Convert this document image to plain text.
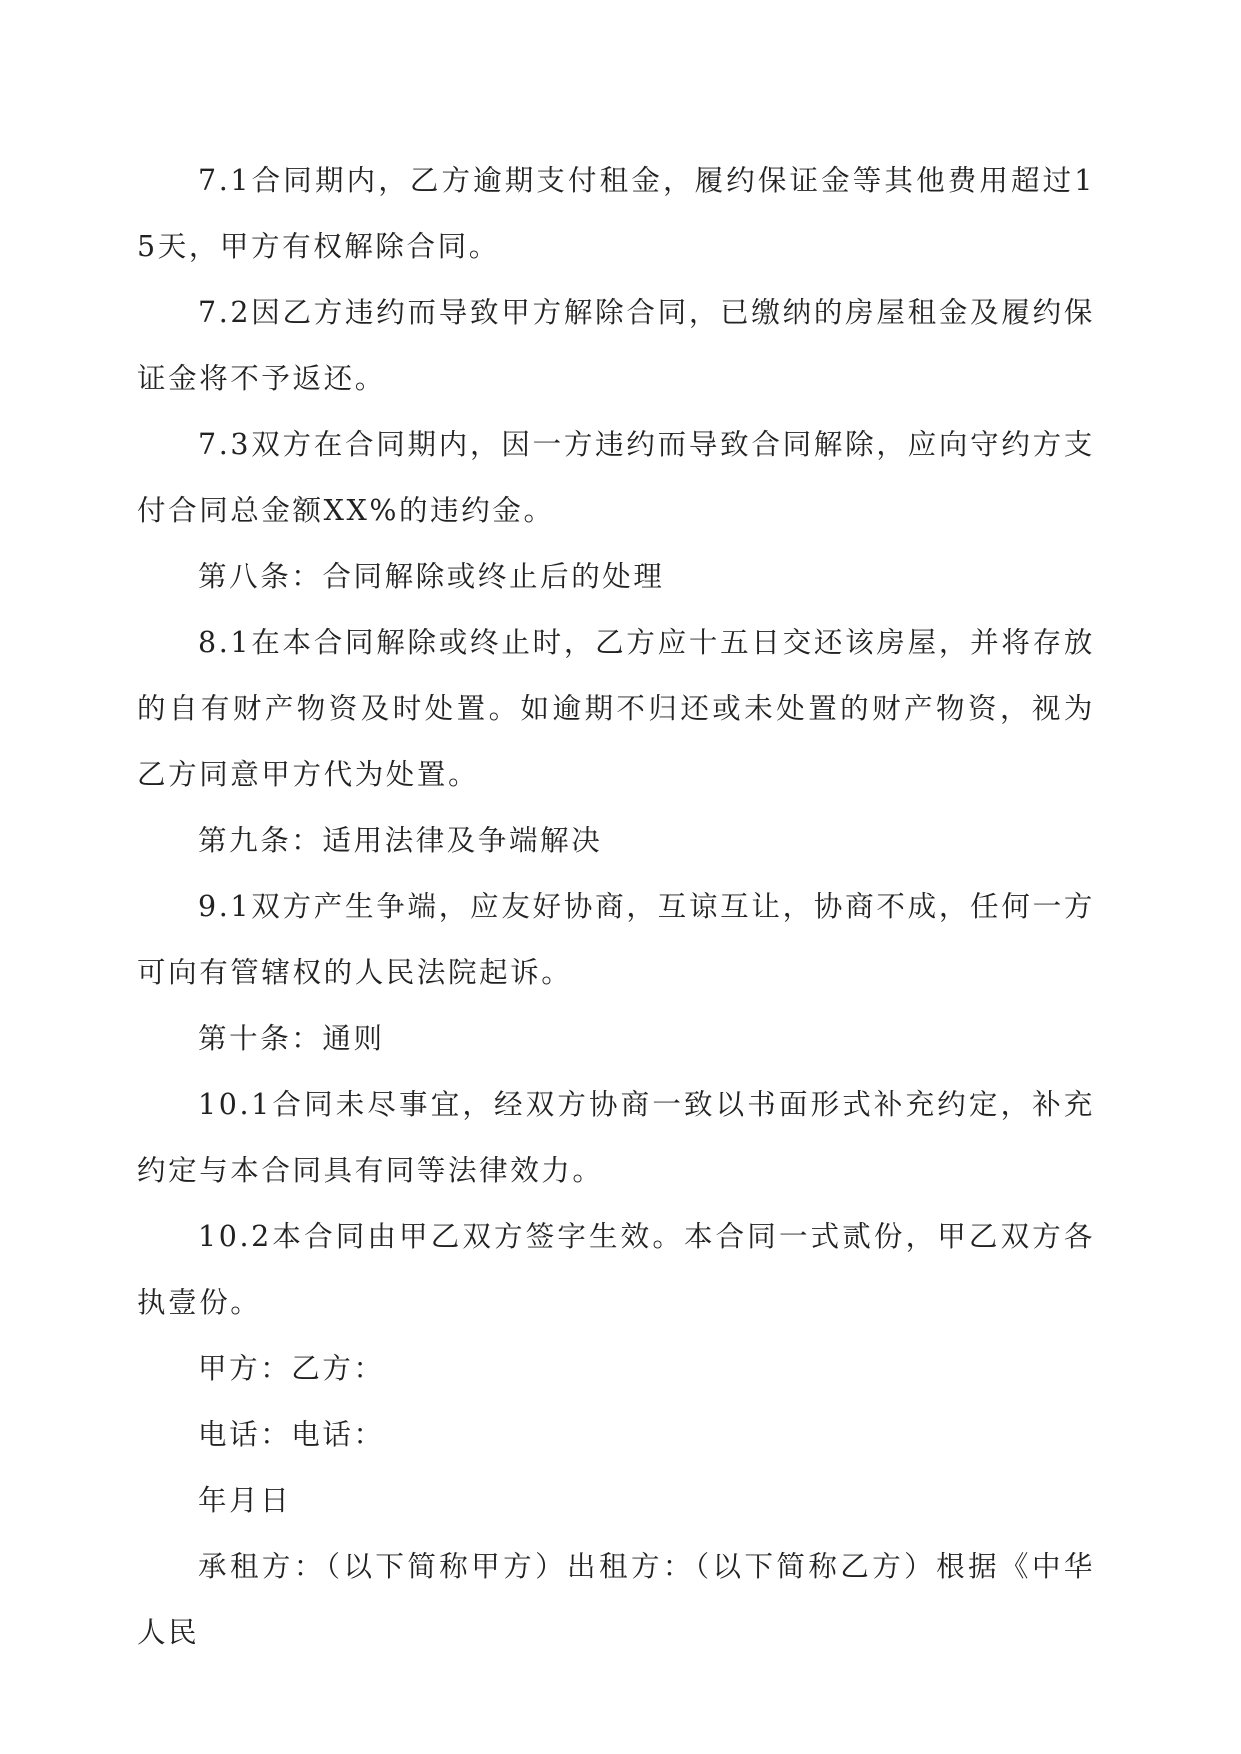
7.1合同期内，乙方逾期支付租金，履约保证金等其他费用超过15天，甲方有权解除合同。

7.2因乙方违约而导致甲方解除合同，已缴纳的房屋租金及履约保证金将不予返还。

7.3双方在合同期内，因一方违约而导致合同解除，应向守约方支付合同总金额XX%的违约金。

第八条：合同解除或终止后的处理

8.1在本合同解除或终止时，乙方应十五日交还该房屋，并将存放的自有财产物资及时处置。如逾期不归还或未处置的财产物资，视为乙方同意甲方代为处置。

第九条：适用法律及争端解决

9.1双方产生争端，应友好协商，互谅互让，协商不成，任何一方可向有管辖权的人民法院起诉。

第十条：通则

10.1合同未尽事宜，经双方协商一致以书面形式补充约定，补充约定与本合同具有同等法律效力。

10.2本合同由甲乙双方签字生效。本合同一式贰份，甲乙双方各执壹份。

甲方：乙方：

电话：电话：

年月日

承租方：（以下简称甲方）出租方：（以下简称乙方）根据《中华人民
